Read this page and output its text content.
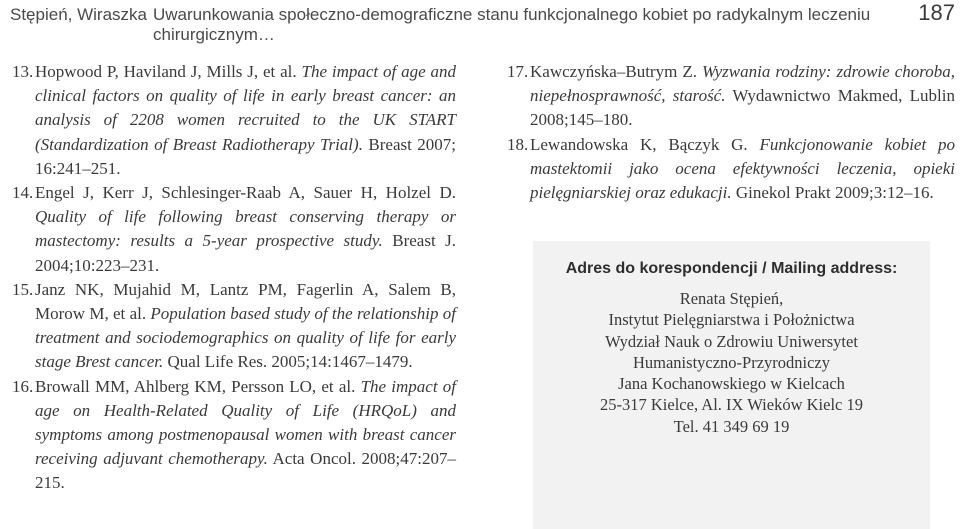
Stępień, Wiraszka Uwarunkowania społeczno-demograficzne stanu funkcjonalnego kobiet po radykalnym leczeniu chirurgicznym…
187
13. Hopwood P, Haviland J, Mills J, et al. The impact of age and clinical factors on quality of life in early breast cancer: an analysis of 2208 women recruited to the UK START (Standardization of Breast Radiotherapy Trial). Breast 2007; 16:241–251.
14. Engel J, Kerr J, Schlesinger-Raab A, Sauer H, Holzel D. Quality of life following breast conserving therapy or mastectomy: results a 5-year prospective study. Breast J. 2004;10:223–231.
15. Janz NK, Mujahid M, Lantz PM, Fagerlin A, Salem B, Morow M, et al. Population based study of the relationship of treatment and sociodemographics on quality of life for early stage Brest cancer. Qual Life Res. 2005;14:1467–1479.
16. Browall MM, Ahlberg KM, Persson LO, et al. The impact of age on Health-Related Quality of Life (HRQoL) and symptoms among postmenopausal women with breast cancer receiving adjuvant chemotherapy. Acta Oncol. 2008;47:207–215.
17. Kawczyńska–Butrym Z. Wyzwania rodziny: zdrowie choroba, niepełnosprawność, starość. Wydawnictwo Makmed, Lublin 2008;145–180.
18. Lewandowska K, Bączyk G. Funkcjonowanie kobiet po mastektomii jako ocena efektywności leczenia, opieki pielęgniarskiej oraz edukacji. Ginekol Prakt 2009;3:12–16.
Adres do korespondencji / Mailing address:
Renata Stępień,
Instytut Pielęgniarstwa i Położnictwa
Wydział Nauk o Zdrowiu Uniwersytet
Humanistyczno-Przyrodniczy
Jana Kochanowskiego w Kielcach
25-317 Kielce, Al. IX Wieków Kielc 19
Tel. 41 349 69 19
